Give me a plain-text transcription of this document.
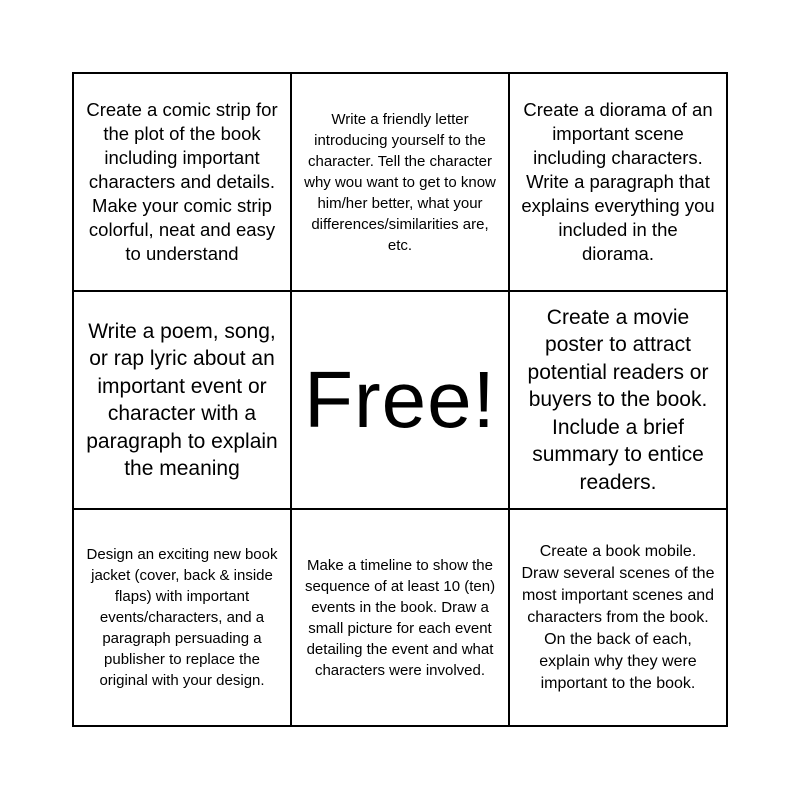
Create a comic strip for the plot of the book including important characters and details. Make your comic strip colorful, neat and easy to understand
Write a friendly letter introducing yourself to the character. Tell the character why wou want to get to know him/her better, what your differences/similarities are, etc.
Create a diorama of an important scene including characters. Write a paragraph that explains everything you included in the diorama.
Write a poem, song, or rap lyric about an important event or character with a paragraph to explain the meaning
Free!
Create a movie poster to attract potential readers or buyers to the book. Include a brief summary to entice readers.
Design an exciting new book jacket (cover, back & inside flaps) with important events/characters, and a paragraph persuading a publisher to replace the original with your design.
Make a timeline to show the sequence of at least 10 (ten) events in the book. Draw a small picture for each event detailing the event and what characters were involved.
Create a book mobile. Draw several scenes of the most important scenes and characters from the book. On the back of each, explain why they were important to the book.
